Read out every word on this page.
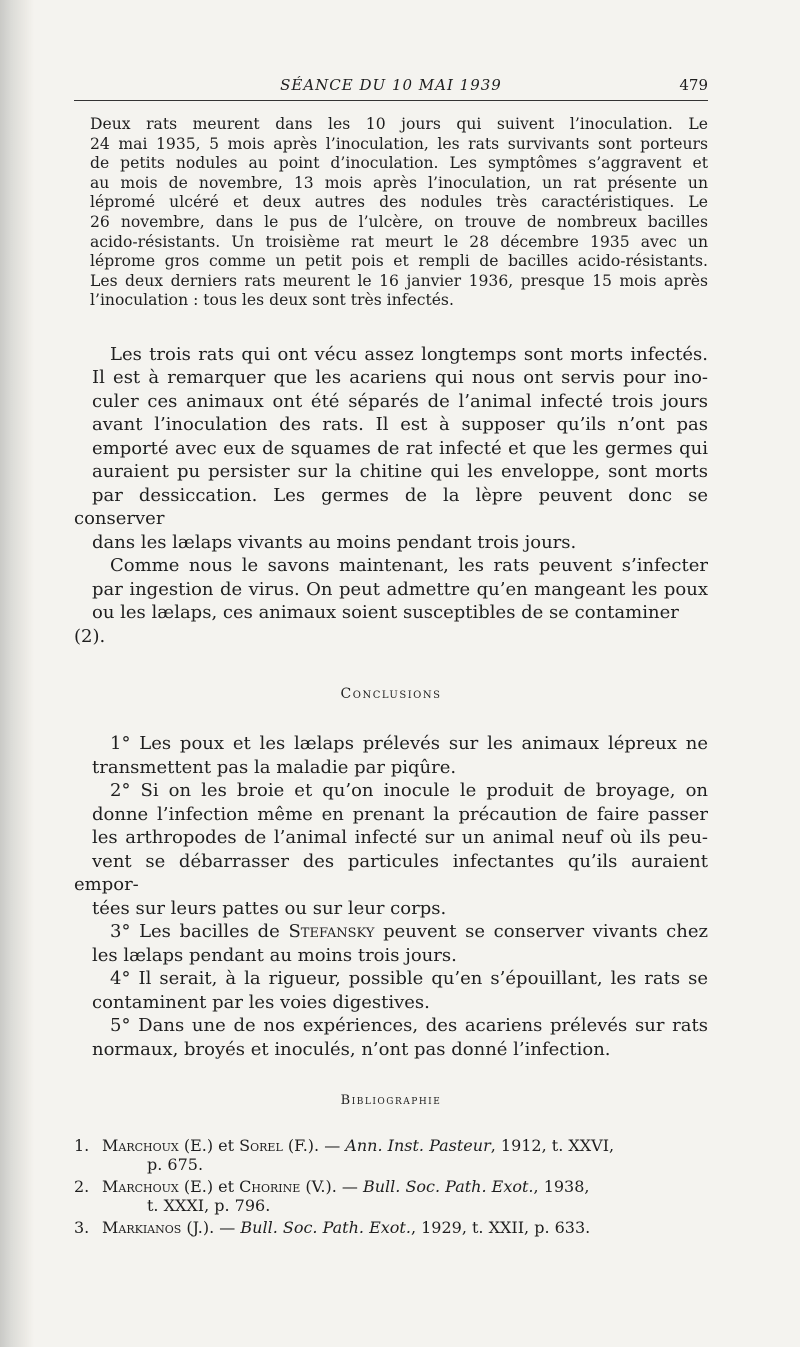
SÉANCE DU 10 MAI 1939	479
Deux rats meurent dans les 10 jours qui suivent l’inoculation. Le
24 mai 1935, 5 mois après l’inoculation, les rats survivants sont porteurs
de petits nodules au point d’inoculation. Les symptômes s’aggravent et
au mois de novembre, 13 mois après l’inoculation, un rat présente un
lépromé ulcéré et deux autres des nodules très caractéristiques. Le
26 novembre, dans le pus de l’ulcère, on trouve de nombreux bacilles
acido-résistants. Un troisième rat meurt le 28 décembre 1935 avec un
léprome gros comme un petit pois et rempli de bacilles acido-résistants.
Les deux derniers rats meurent le 16 janvier 1936, presque 15 mois après
l’inoculation : tous les deux sont très infectés.
Les trois rats qui ont vécu assez longtemps sont morts infectés.
Il est à remarquer que les acariens qui nous ont servis pour ino-
culer ces animaux ont été séparés de l’animal infecté trois jours
avant l’inoculation des rats. Il est à supposer qu’ils n’ont pas
emporté avec eux de squames de rat infecté et que les germes qui
auraient pu persister sur la chitine qui les enveloppe, sont morts
par dessiccation. Les germes de la lèpre peuvent donc se conserver
dans les lælaps vivants au moins pendant trois jours.
Comme nous le savons maintenant, les rats peuvent s’infecter
par ingestion de virus. On peut admettre qu’en mangeant les poux
ou les lælaps, ces animaux soient susceptibles de se contaminer (2).
Conclusions
1° Les poux et les lælaps prélevés sur les animaux lépreux ne
transmettent pas la maladie par piqûre.
2° Si on les broie et qu’on inocule le produit de broyage, on
donne l’infection même en prenant la précaution de faire passer
les arthropodes de l’animal infecté sur un animal neuf où ils peu-
vent se débarrasser des particules infectantes qu’ils auraient empor-
tées sur leurs pattes ou sur leur corps.
3° Les bacilles de Stefansky peuvent se conserver vivants chez
les lælaps pendant au moins trois jours.
4° Il serait, à la rigueur, possible qu’en s’épouillant, les rats se
contaminent par les voies digestives.
5° Dans une de nos expériences, des acariens prélevés sur rats
normaux, broyés et inoculés, n’ont pas donné l’infection.
Bibliographie
1. Marchoux (E.) et Sorel (F.). — Ann. Inst. Pasteur, 1912, t. XXVI,
p. 675.
2. Marchoux (E.) et Chorine (V.). — Bull. Soc. Path. Exot., 1938,
t. XXXI, p. 796.
3. Markianos (J.). — Bull. Soc. Path. Exot., 1929, t. XXII, p. 633.
